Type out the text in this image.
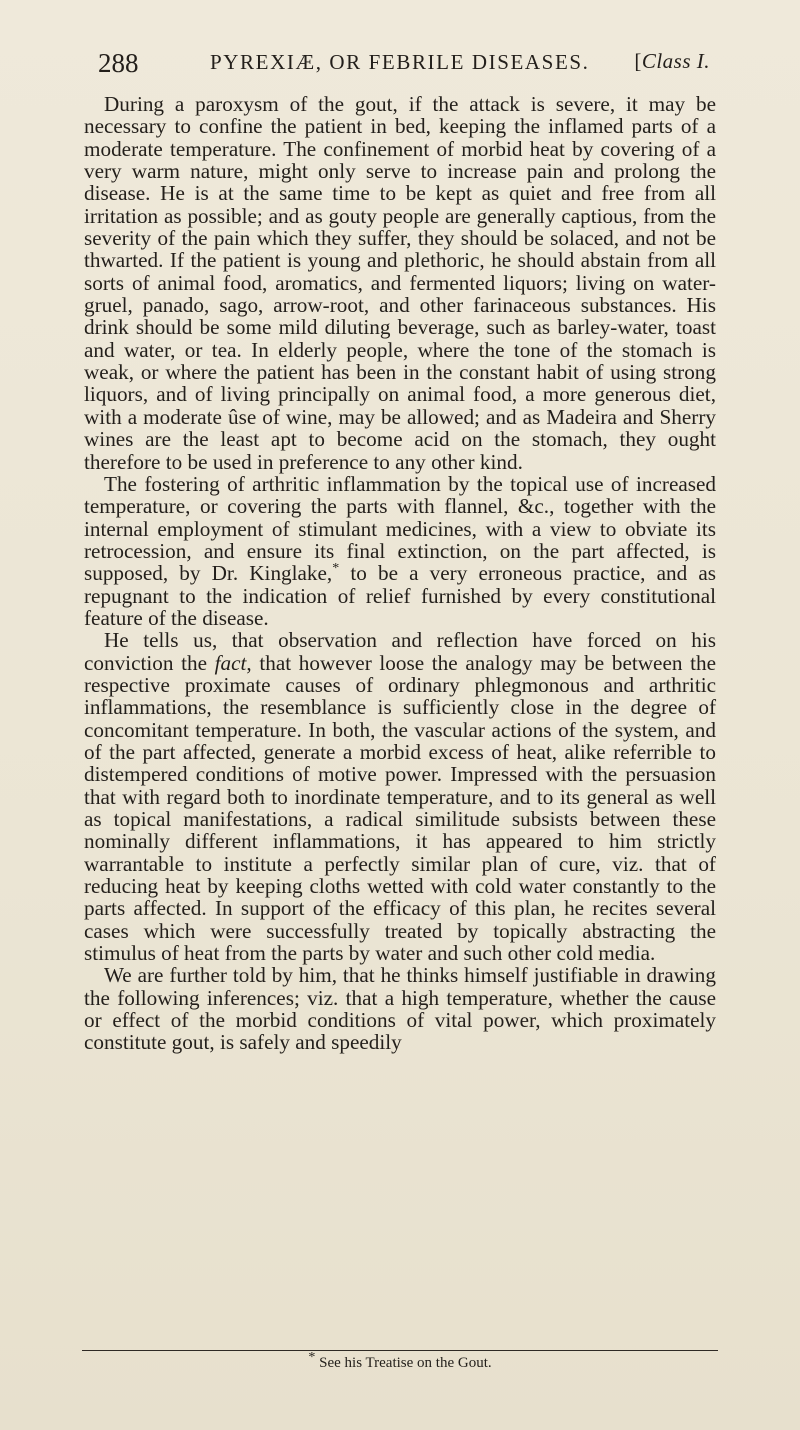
288	PYREXIÆ, OR FEBRILE DISEASES. [Class I.

During a paroxysm of the gout, if the attack is severe, it may be necessary to confine the patient in bed, keeping the inflamed parts of a moderate temperature. The confinement of morbid heat by covering of a very warm nature, might only serve to increase pain and prolong the disease. He is at the same time to be kept as quiet and free from all irritation as possible; and as gouty people are generally captious, from the severity of the pain which they suffer, they should be solaced, and not be thwarted. If the patient is young and plethoric, he should abstain from all sorts of animal food, aromatics, and fermented liquors; living on water-gruel, panado, sago, arrow-root, and other farinaceous substances. His drink should be some mild diluting beverage, such as barley-water, toast and water, or tea. In elderly people, where the tone of the stomach is weak, or where the patient has been in the constant habit of using strong liquors, and of living principally on animal food, a more generous diet, with a moderate ûse of wine, may be allowed; and as Madeira and Sherry wines are the least apt to become acid on the stomach, they ought therefore to be used in preference to any other kind.

The fostering of arthritic inflammation by the topical use of increased temperature, or covering the parts with flannel, &c., together with the internal employment of stimulant medicines, with a view to obviate its retrocession, and ensure its final extinction, on the part affected, is supposed, by Dr. Kinglake,* to be a very erroneous practice, and as repugnant to the indication of relief furnished by every constitutional feature of the disease.

He tells us, that observation and reflection have forced on his conviction the fact, that however loose the analogy may be between the respective proximate causes of ordinary phlegmonous and arthritic inflammations, the resemblance is sufficiently close in the degree of concomitant temperature. In both, the vascular actions of the system, and of the part affected, generate a morbid excess of heat, alike referrible to distempered conditions of motive power. Impressed with the persuasion that with regard both to inordinate temperature, and to its general as well as topical manifestations, a radical similitude subsists between these nominally different inflammations, it has appeared to him strictly warrantable to institute a perfectly similar plan of cure, viz. that of reducing heat by keeping cloths wetted with cold water constantly to the parts affected. In support of the efficacy of this plan, he recites several cases which were successfully treated by topically abstracting the stimulus of heat from the parts by water and such other cold media.

We are further told by him, that he thinks himself justifiable in drawing the following inferences; viz. that a high temperature, whether the cause or effect of the morbid conditions of vital power, which proximately constitute gout, is safely and speedily

* See his Treatise on the Gout.
